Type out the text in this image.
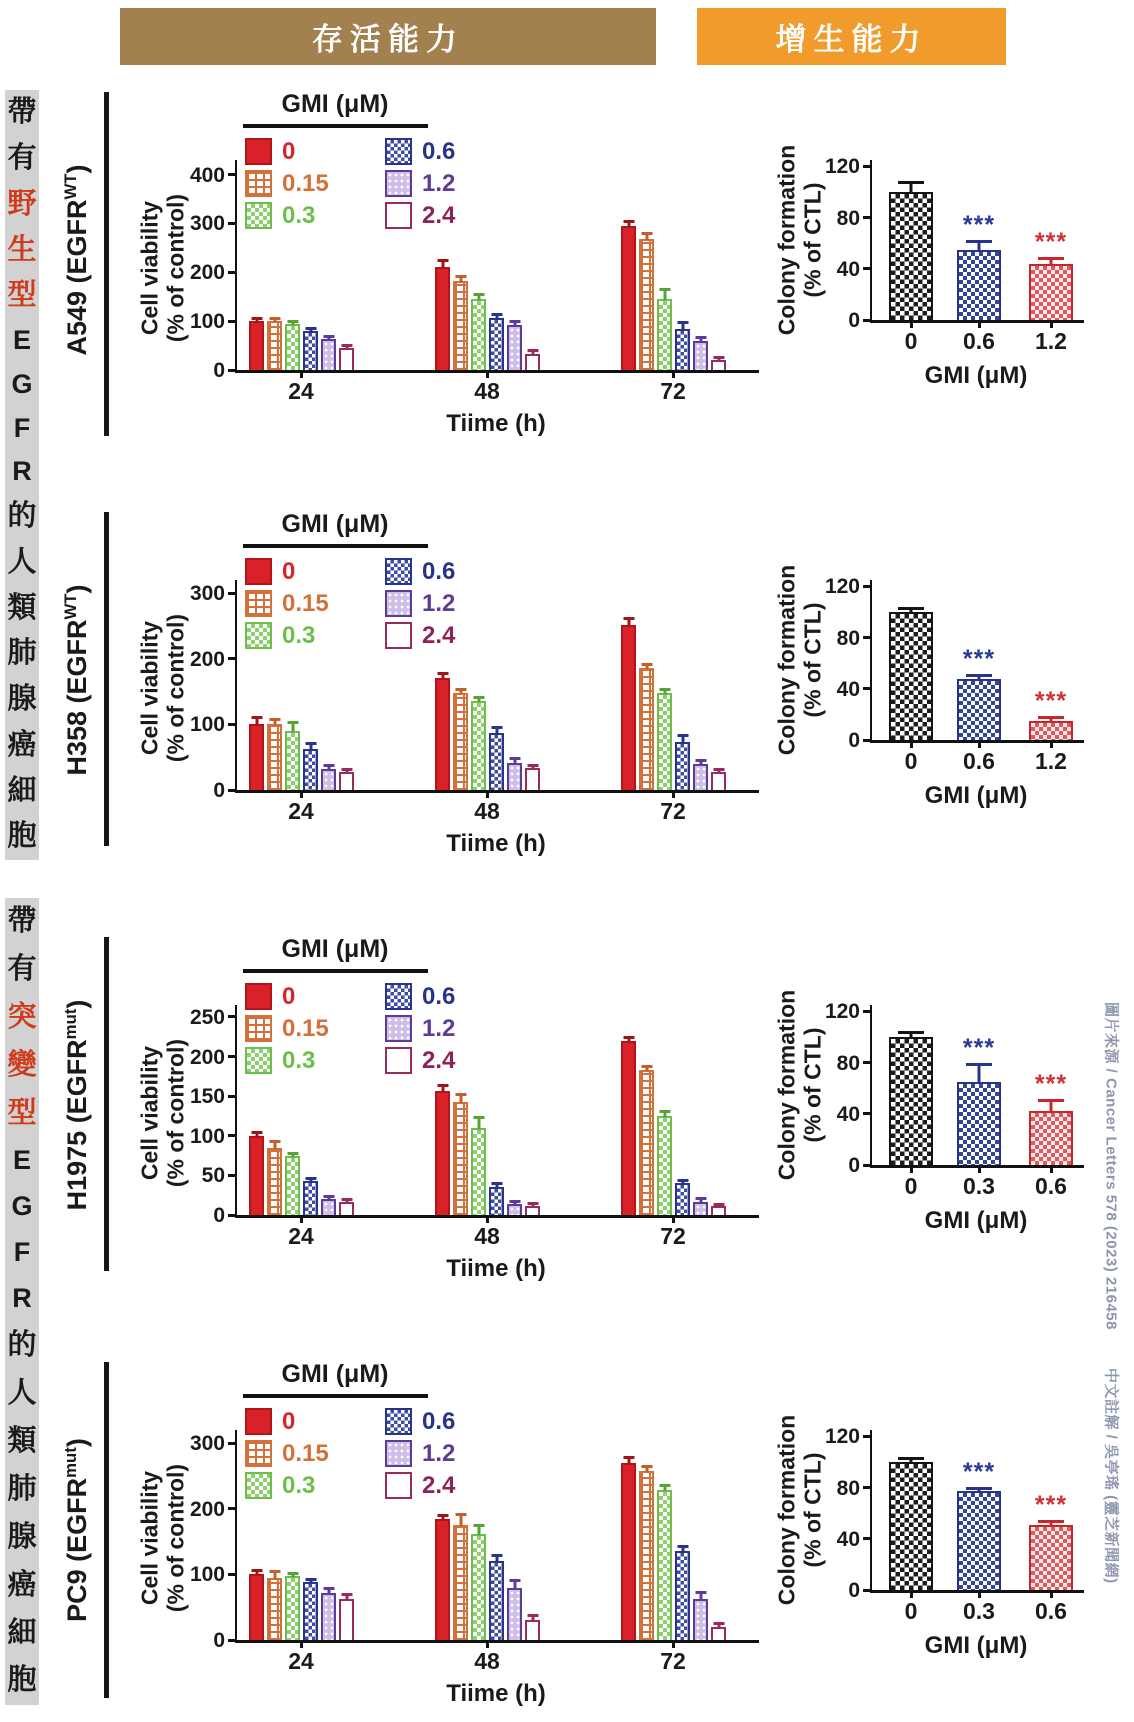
存活能力	增生能力
帶
有
野
生
型
E
G
F
R
的
人
類
肺
腺
癌
細
胞
帶
有
突
變
型
E
G
F
R
的
人
類
肺
腺
癌
細
胞
A549 $(EGFR^{WT})$
GMI (μM)
0	0.6
0.15	1.2
0.3	2.4
Cell viability
(% of control)
0
100
200
300
400
24	48	72
Tiime (h)
Colony formation
(% of CTL)
0
40
80
120
0
***
0.6
***
1.2
GMI (μM)
H358 $(EGFR^{WT})$
GMI (μM)
0	0.6
0.15	1.2
0.3	2.4
Cell viability
(% of control)
0
100
200
300
24	48	72
Tiime (h)
Colony formation
(% of CTL)
0
40
80
120
0
***
0.6
***
1.2
GMI (μM)
H1975 $(EGFR^{mut})$
GMI (μM)
0	0.6
0.15	1.2
0.3	2.4
Cell viability
(% of control)
0
50
100
150
200
250
24	48	72
Tiime (h)
Colony formation
(% of CTL)
0
40
80
120
0
***
0.3
***
0.6
GMI (μM)
PC9 $(EGFR^{mut})$
GMI (μM)
0	0.6
0.15	1.2
0.3	2.4
Cell viability
(% of control)
0
100
200
300
24	48	72
Tiime (h)
Colony formation
(% of CTL)
0
40
80
120
0
***
0.3
***
0.6
GMI (μM)
圖片來源 / Cancer Letters 578 (2023) 216458
中文註解 / 吳亭瑤 (靈芝新聞網)
